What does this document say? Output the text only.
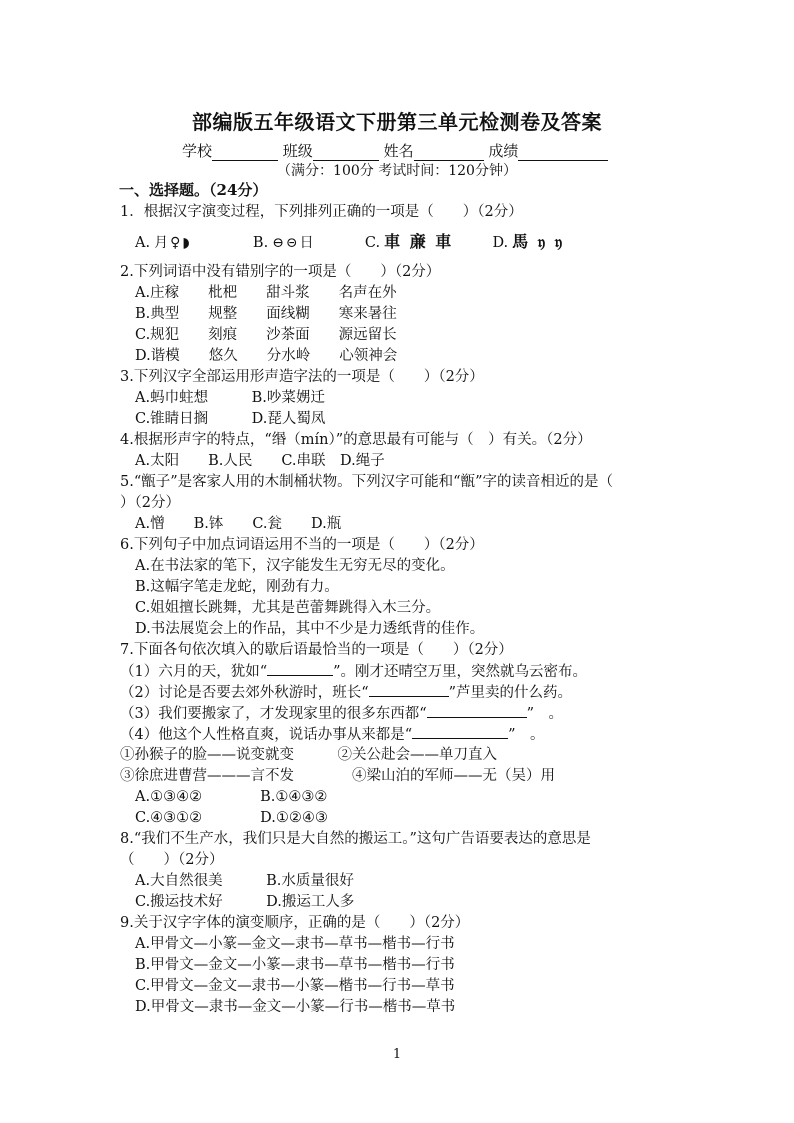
部编版五年级语文下册第三单元检测卷及答案
学校	班级	姓名	成绩
（满分：100分 考试时间：120分钟）
一、选择题。（24分）
1．根据汉字演变过程，下列排列正确的一项是（　　）（2分）
A. 月♀◗	B. ⊖⊝日	C. 車 亷 車	D. 馬 𝔶 𝔶
2.下列词语中没有错别字的一项是（　　）（2分）
A.庄稼　　枇杷　　甜斗浆　　名声在外
B.典型　　规整　　面线糊　　寒来暑往
C.规犯　　刻痕　　沙茶面　　源远留长
D.谐模　　悠久　　分水岭　　心领神会
3.下列汉字全部运用形声造字法的一项是（　　）（2分）
A.蚂巾蛀想　　　B.吵菜娚迁
C.锥睛日搁　　　D.琵人蜀凤
4.根据形声字的特点，“缗（mín）”的意思最有可能与（　）有关。（2分）
A.太阳　　B.人民　　C.串联　D.绳子
5.“甑子”是客家人用的木制桶状物。下列汉字可能和“甑”字的读音相近的是（
）（2分）
A.憎　　B.钵　　C.瓮　　D.瓶
6.下列句子中加点词语运用不当的一项是（　　）（2分）
A.在书法家的笔下，汉字能发生无穷无尽的变化。
B.这幅字笔走龙蛇，刚劲有力。
C.姐姐擅长跳舞，尤其是芭蕾舞跳得入木三分。
D.书法展览会上的作品，其中不少是力透纸背的佳作。
7.下面各句依次填入的歇后语最恰当的一项是（　　）（2分）
（1）六月的天，犹如“	”。刚才还晴空万里，突然就乌云密布。
（2）讨论是否要去郊外秋游时，班长“	”芦里卖的什么药。
（3）我们要搬家了，才发现家里的很多东西都“	”　。
（4）他这个人性格直爽，说话办事从来都是“	”　。
①孙猴子的脸——说变就变　　　②关公赴会——单刀直入
③徐庶进曹营———言不发　　　　④梁山泊的军师——无（吴）用
A.①③④②　　　　B.①④③②
C.④③①②　　　　D.①②④③
8.“我们不生产水，我们只是大自然的搬运工。”这句广告语要表达的意思是
（　　）（2分）
A.大自然很美　　　B.水质量很好
C.搬运技术好　　　D.搬运工人多
9.关于汉字字体的演变顺序，正确的是（　　）（2分）
A.甲骨文—小篆—金文—隶书—草书—楷书—行书
B.甲骨文—金文—小篆—隶书—草书—楷书—行书
C.甲骨文—金文—隶书—小篆—楷书—行书—草书
D.甲骨文—隶书—金文—小篆—行书—楷书—草书
1
